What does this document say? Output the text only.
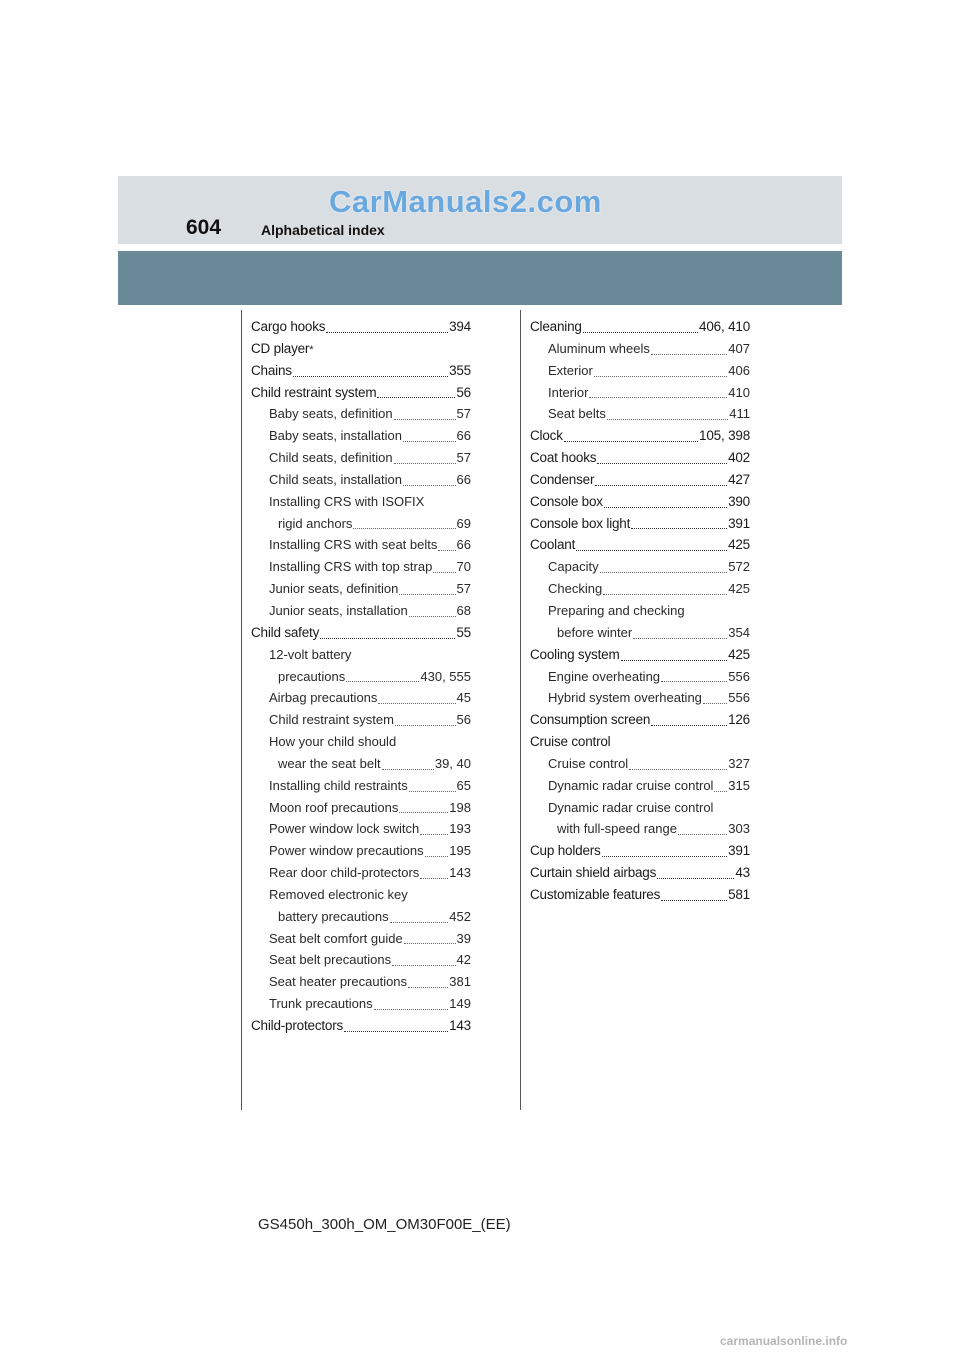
CarManuals2.com
604	Alphabetical index
Cargo hooks	394
CD player *
Chains	355
Child restraint system	56
Baby seats, definition	57
Baby seats, installation	66
Child seats, definition	57
Child seats, installation	66
Installing CRS with ISOFIX
rigid anchors	69
Installing CRS with seat belts 66
Installing CRS with top strap 70
Junior seats, definition	57
Junior seats, installation	68
Child safety	55
12-volt battery
precautions	430, 555
Airbag precautions	45
Child restraint system	56
How your child should
wear the seat belt	39, 40
Installing child restraints	65
Moon roof precautions	198
Power window lock switch 193
Power window precautions 195
Rear door child-protectors 143
Removed electronic key
battery precautions	452
Seat belt comfort guide	39
Seat belt precautions	42
Seat heater precautions	381
Trunk precautions	149
Child-protectors	143
Cleaning	406, 410
Aluminum wheels	407
Exterior	406
Interior	410
Seat belts	411
Clock	105, 398
Coat hooks	402
Condenser	427
Console box	390
Console box light	391
Coolant	425
Capacity	572
Checking	425
Preparing and checking
before winter	354
Cooling system	425
Engine overheating	556
Hybrid system overheating 556
Consumption screen	126
Cruise control
Cruise control	327
Dynamic radar cruise control 315
Dynamic radar cruise control
with full-speed range	303
Cup holders	391
Curtain shield airbags	43
Customizable features	581
GS450h_300h_OM_OM30F00E_(EE)
carmanualsonline.info
